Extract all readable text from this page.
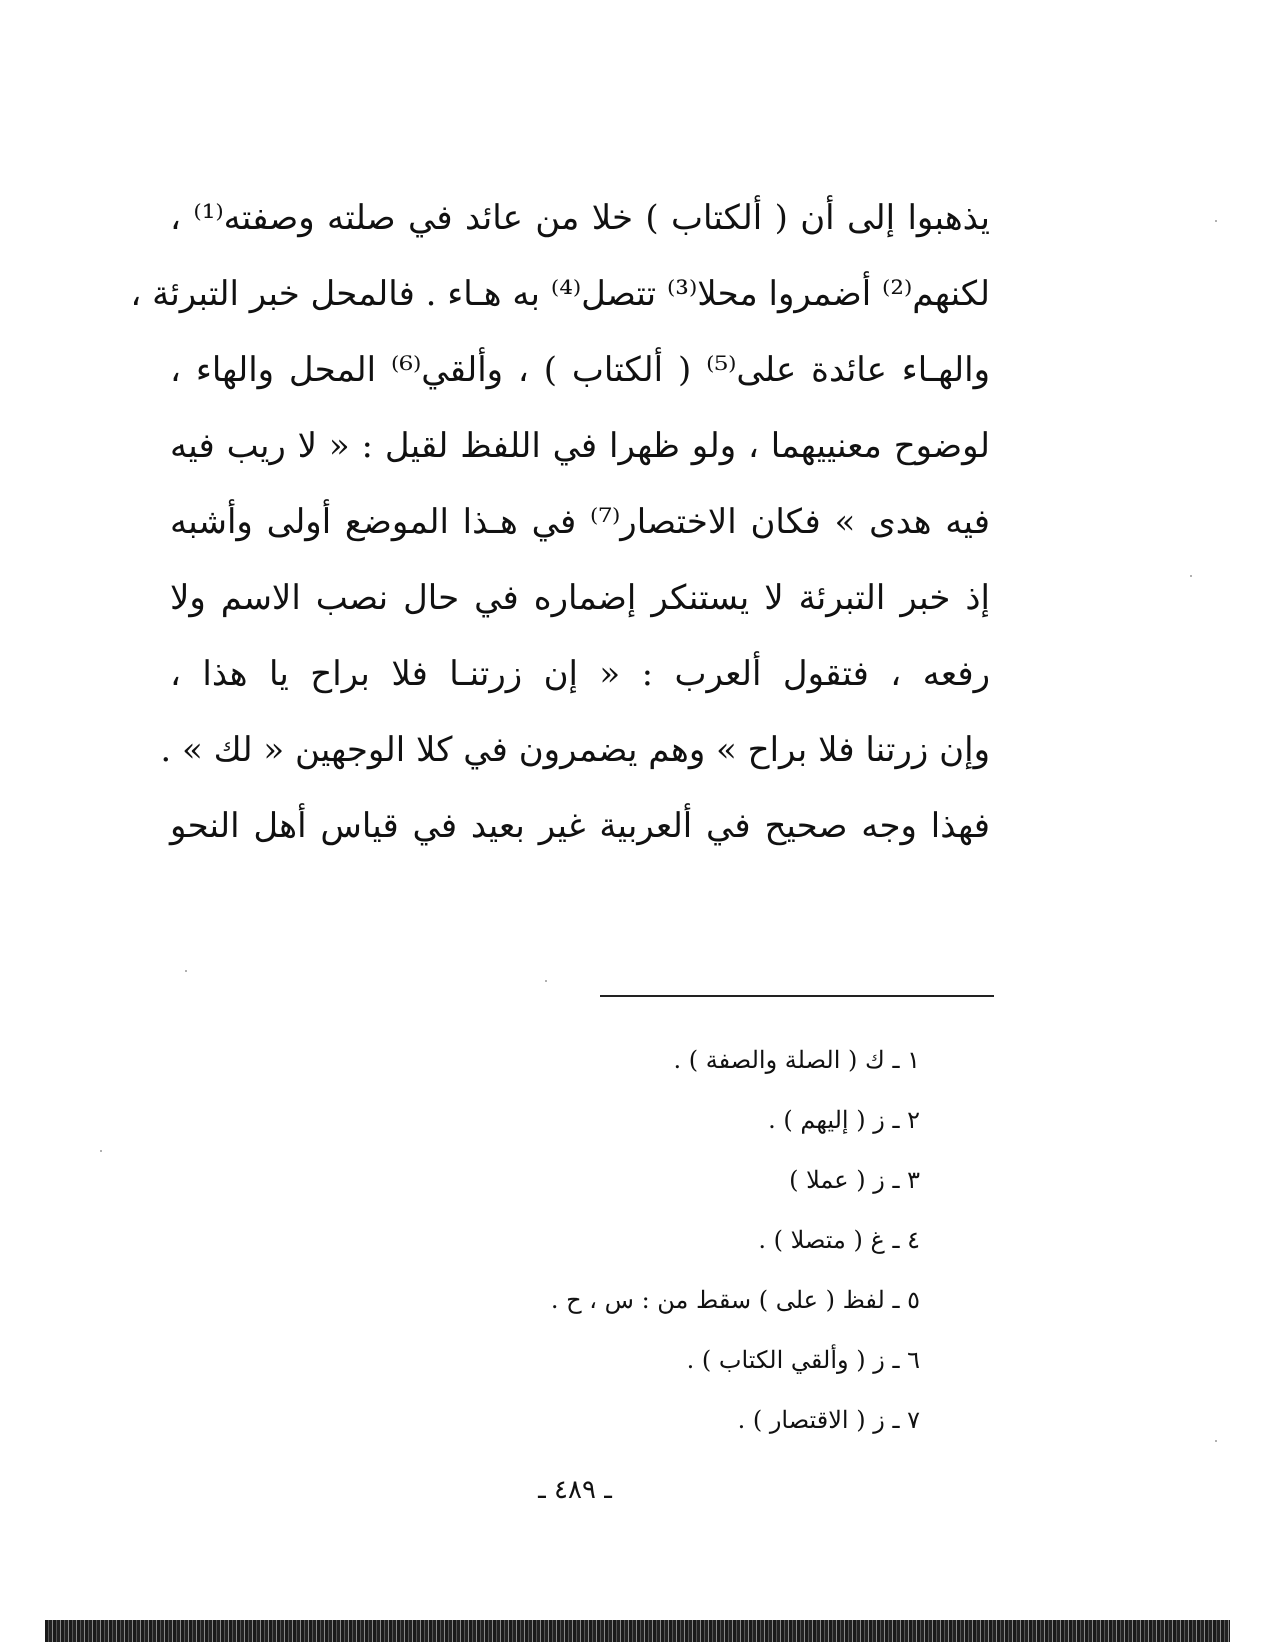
يذهبوا إلى أن ( ألكتاب ) خلا من عائد في صلته وصفته⁽¹⁾ ،
لكنهم⁽²⁾ أضمروا محلا⁽³⁾ تتصل⁽⁴⁾ به هـاء . فالمحل خبر التبرئة ،
والهـاء عائدة على⁽⁵⁾ ( ألكتاب ) ، وألقي⁽⁶⁾ المحل والهاء ،
لوضوح معنييهما ، ولو ظهرا في اللفظ لقيل : « لا ريب فيه
فيه هدى » فكان الاختصار⁽⁷⁾ في هـذا الموضع أولى وأشبه
إذ خبر التبرئة لا يستنكر إضماره في حال نصب الاسم ولا
رفعه ، فتقول ألعرب : « إن زرتنـا فلا براح يا هذا ،
وإن زرتنا فلا براح » وهم يضمرون في كلا الوجهين « لك » .
فهذا وجه صحيح في ألعربية غير بعيد في قياس أهل النحو
١ ـ ك ( الصلة والصفة ) .
٢ ـ ز ( إليهم ) .
٣ ـ ز ( عملا )
٤ ـ غ ( متصلا ) .
٥ ـ لفظ ( على ) سقط من : س ، ح .
٦ ـ ز ( وألقي الكتاب ) .
٧ ـ ز ( الاقتصار ) .
ـ ٤٨٩ ـ
